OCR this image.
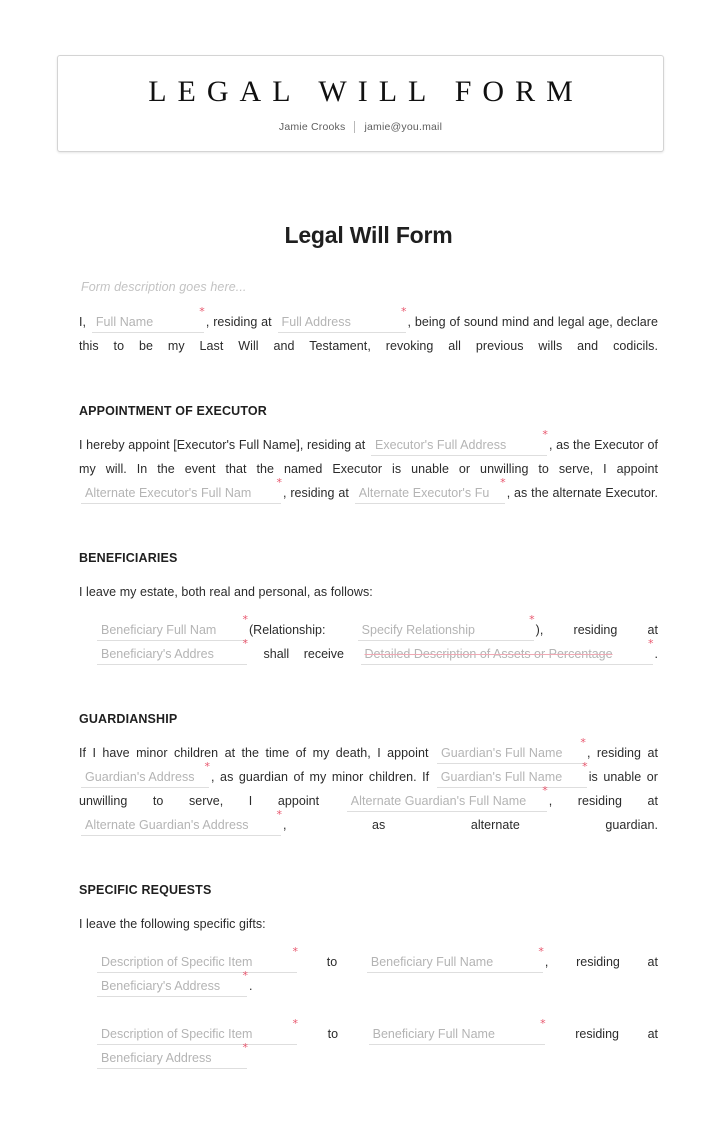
LEGAL WILL FORM
Jamie Crooks jamie@you.mail
Legal Will Form
Form description goes here...

I, Full Name
*
, residing at Full Address
*
, being of sound mind and legal age, declare this to be my Last Will and Testament, revoking all previous wills and codicils.

APPOINTMENT OF EXECUTOR

I hereby appoint [Executor's Full Name], residing at Executor's Full Address
*
, as the Executor of my will. In the event that the named Executor is unable or unwilling to serve, I appoint Alternate Executor's Full Nam
*
, residing at Alternate Executor's Fu
*
, as the alternate Executor.

BENEFICIARIES

I leave my estate, both real and personal, as follows:

Beneficiary Full Nam
*
(Relationship:	Specify Relationship
*
), residing at Beneficiary's Addres
*
shall receive Detailed Description of Assets or Percentage
*
.

GUARDIANSHIP

If I have minor children at the time of my death, I appoint Guardian's Full Name
*
, residing at Guardian's Address
*
, as guardian of my minor children. If Guardian's Full Name
*
is unable or unwilling to serve, I appoint	Alternate Guardian's Full Name
*
, residing at Alternate Guardian's Address
*
,	as alternate guardian.

SPECIFIC REQUESTS

I leave the following specific gifts:

Description of Specific Item
*
to	Beneficiary Full Name
*
, residing at Beneficiary's Address
*
.

Description of Specific Item
*
to	Beneficiary Full Name
*
residing at Beneficiary Address
*
